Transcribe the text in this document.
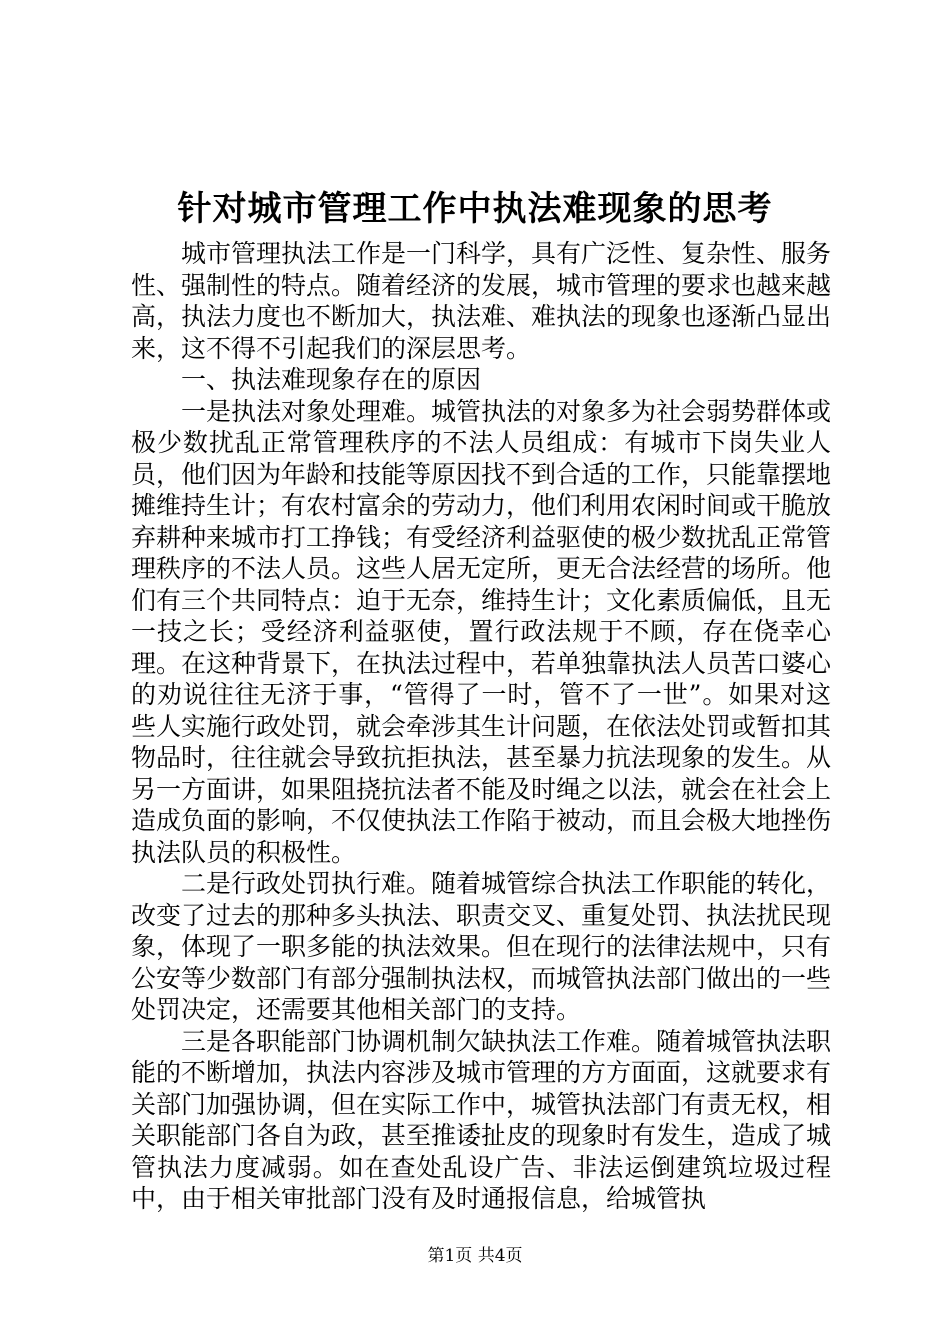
针对城市管理工作中执法难现象的思考

城市管理执法工作是一门科学，具有广泛性、复杂性、服务性、强制性的特点。随着经济的发展，城市管理的要求也越来越高，执法力度也不断加大，执法难、难执法的现象也逐渐凸显出来，这不得不引起我们的深层思考。

一、执法难现象存在的原因

一是执法对象处理难。城管执法的对象多为社会弱势群体或极少数扰乱正常管理秩序的不法人员组成：有城市下岗失业人员，他们因为年龄和技能等原因找不到合适的工作，只能靠摆地摊维持生计；有农村富余的劳动力，他们利用农闲时间或干脆放弃耕种来城市打工挣钱；有受经济利益驱使的极少数扰乱正常管理秩序的不法人员。这些人居无定所，更无合法经营的场所。他们有三个共同特点：迫于无奈，维持生计；文化素质偏低，且无一技之长；受经济利益驱使，置行政法规于不顾，存在侥幸心理。在这种背景下，在执法过程中，若单独靠执法人员苦口婆心的劝说往往无济于事，“管得了一时，管不了一世”。如果对这些人实施行政处罚，就会牵涉其生计问题，在依法处罚或暂扣其物品时，往往就会导致抗拒执法，甚至暴力抗法现象的发生。从另一方面讲，如果阻挠抗法者不能及时绳之以法，就会在社会上造成负面的影响，不仅使执法工作陷于被动，而且会极大地挫伤执法队员的积极性。

二是行政处罚执行难。随着城管综合执法工作职能的转化，改变了过去的那种多头执法、职责交叉、重复处罚、执法扰民现象，体现了一职多能的执法效果。但在现行的法律法规中，只有公安等少数部门有部分强制执法权，而城管执法部门做出的一些处罚决定，还需要其他相关部门的支持。

三是各职能部门协调机制欠缺执法工作难。随着城管执法职能的不断增加，执法内容涉及城市管理的方方面面，这就要求有关部门加强协调，但在实际工作中，城管执法部门有责无权，相关职能部门各自为政，甚至推诿扯皮的现象时有发生，造成了城管执法力度减弱。如在查处乱设广告、非法运倒建筑垃圾过程中，由于相关审批部门没有及时通报信息，给城管执

第1页 共4页
